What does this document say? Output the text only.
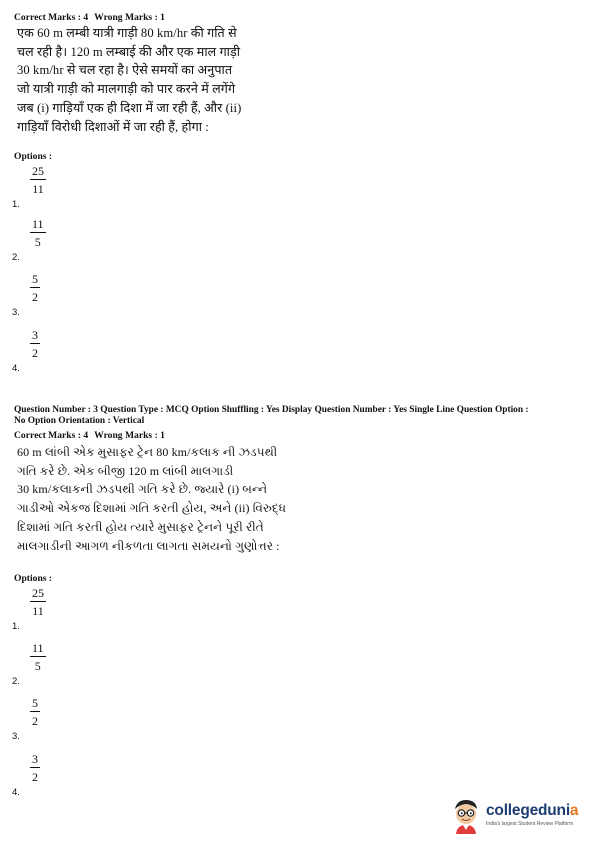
Correct Marks : 4 Wrong Marks : 1
एक 60 m लम्बी यात्री गाड़ी 80 km/hr की गति से
चल रही है। 120 m लम्बाई की और एक माल गाड़ी
30 km/hr से चल रहा है। ऐसे समयों का अनुपात
जो यात्री गाड़ी को मालगाड़ी को पार करने में लगेंगे
जब (i) गाड़ियाँ एक ही दिशा में जा रही हैं, और (ii)
गाड़ियाँ विरोधी दिशाओं में जा रही हैं, होगा :
Options :
25
11
1.
11
5
2.
5
2
3.
3
2
4.
Question Number : 3 Question Type : MCQ Option Shuffling : Yes Display Question Number : Yes Single Line Question Option :
No Option Orientation : Vertical
Correct Marks : 4 Wrong Marks : 1
60 m લાંબી એક મુસાફર ટ્રેન 80 km/કલાક ની ઝડપથી
ગતિ કરે છે. એક બીજી 120 m લાંબી માલગાડી
30 km/કલાકની ઝડપથી ગતિ કરે છે. જ્યારે (i) બન્ને
ગાડીઓ એકજ દિશામાં ગતિ કરતી હોય, અને (ii) વિરુદ્ધ
દિશામાં ગતિ કરતી હોય ત્યારે મુસાફર ટ્રેનને પૂરી રીતે
માલગાડીની આગળ નીકળતા લાગતા સમયનો ગુણોત્તર :
Options :
25
11
1.
11
5
2.
5
2
3.
3
2
4.
collegedunia
India's largest Student Review Platform
